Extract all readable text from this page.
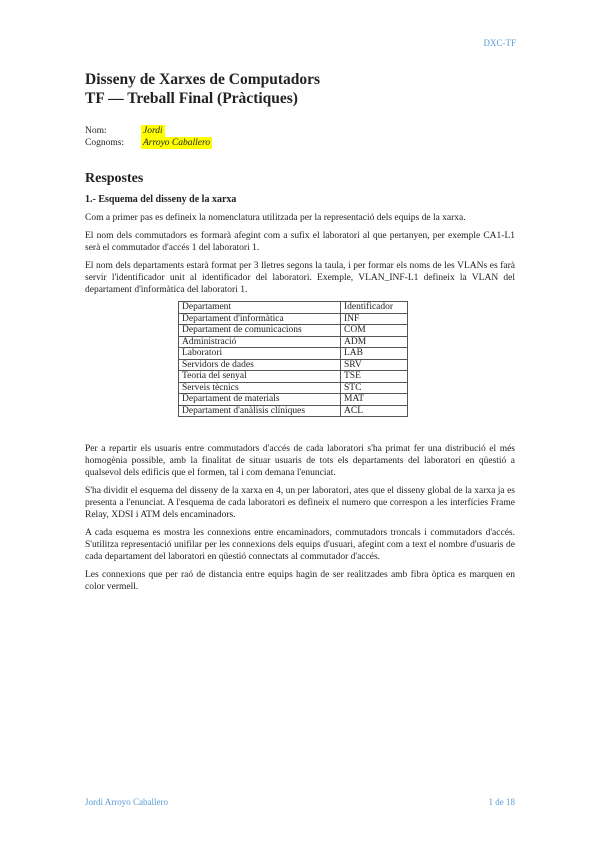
DXC-TF
Disseny de Xarxes de Computadors
TF — Treball Final (Pràctiques)
Nom:	Jordi
Cognoms:	Arroyo Caballero
Respostes
1.- Esquema del disseny de la xarxa

Com a primer pas es defineix la nomenclatura utilitzada per la representació dels equips de la xarxa.

El nom dels commutadors es formarà afegint com a sufix el laboratori al que pertanyen, per exemple CA1-L1 serà el commutador d'accés 1 del laboratori 1.

El nom dels departaments estarà format per 3 lletres segons la taula, i per formar els noms de les VLANs es farà servir l'identificador unit al identificador del laboratori. Exemple, VLAN_INF-L1 defineix la VLAN del departament d'informàtica del laboratori 1.

Departament	Identificador
Departament d'informàtica	INF
Departament de comunicacions	COM
Administració	ADM
Laboratori	LAB
Servidors de dades	SRV
Teoria del senyal	TSE
Serveis tècnics	STC
Departament de materials	MAT
Departament d'anàlisis clíniques	ACL

Per a repartir els usuaris entre commutadors d'accés de cada laboratori s'ha primat fer una distribució el més homogènia possible, amb la finalitat de situar usuaris de tots els departaments del laboratori en qüestió a qualsevol dels edificis que el formen, tal i com demana l'enunciat.

S'ha dividit el esquema del disseny de la xarxa en 4, un per laboratori, ates que el disseny global de la xarxa ja es presenta a l'enunciat. A l'esquema de cada laboratori es defineix el numero que correspon a les interfícies Frame Relay, XDSI i ATM dels encaminadors.

A cada esquema es mostra les connexions entre encaminadors, commutadors troncals i commutadors d'accés. S'utilitza representació unifilar per les connexions dels equips d'usuari, afegint com a text el nombre d'usuaris de cada departament del laboratori en qüestió connectats al commutador d'accés.

Les connexions que per raó de distancia entre equips hagin de ser realitzades amb fibra òptica es marquen en color vermell.

Jordi Arroyo Caballero	1 de 18
